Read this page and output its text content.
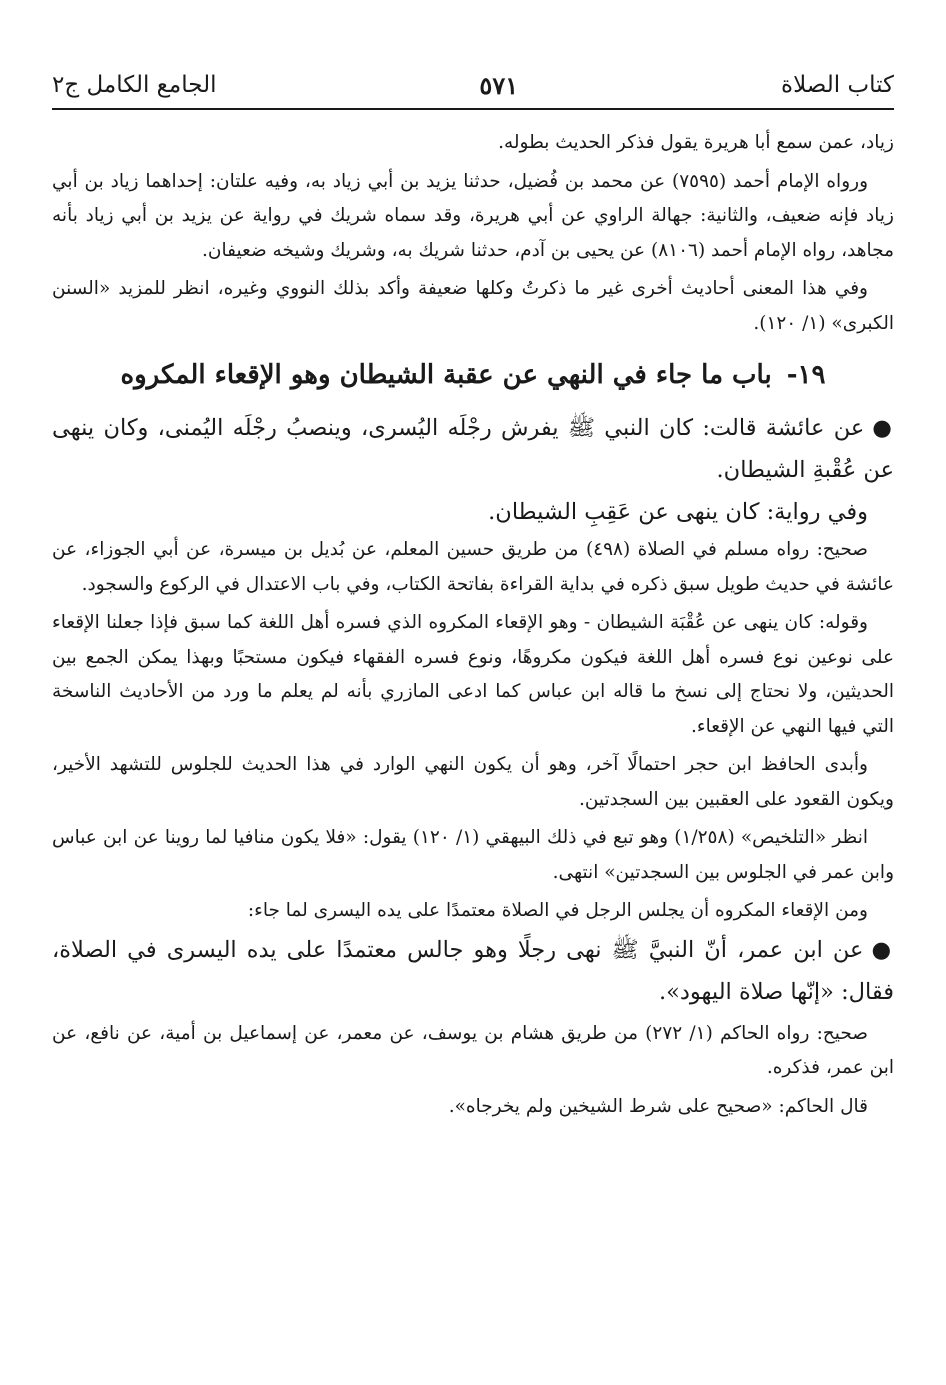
كتاب الصلاة
٥٧١
الجامع الكامل ج٢

زياد، عمن سمع أبا هريرة يقول فذكر الحديث بطوله.

ورواه الإمام أحمد (٧٥٩٥) عن محمد بن فُضيل، حدثنا يزيد بن أبي زياد به، وفيه علتان: إحداهما زياد بن أبي زياد فإنه ضعيف، والثانية: جهالة الراوي عن أبي هريرة، وقد سماه شريك في رواية عن يزيد بن أبي زياد بأنه مجاهد، رواه الإمام أحمد (٨١٠٦) عن يحيى بن آدم، حدثنا شريك به، وشريك وشيخه ضعيفان.

وفي هذا المعنى أحاديث أخرى غير ما ذكرتُ وكلها ضعيفة وأكد بذلك النووي وغيره، انظر للمزيد «السنن الكبرى» (١/ ١٢٠).

١٩- باب ما جاء في النهي عن عقبة الشيطان وهو الإقعاء المكروه

●عن عائشة قالت: كان النبي ﷺ يفرش رجْلَه اليُسرى، وينصبُ رجْلَه اليُمنى، وكان ينهى عن عُقْبةِ الشيطان.

وفي رواية: كان ينهى عن عَقِبِ الشيطان.

صحيح: رواه مسلم في الصلاة (٤٩٨) من طريق حسين المعلم، عن بُديل بن ميسرة، عن أبي الجوزاء، عن عائشة في حديث طويل سبق ذكره في بداية القراءة بفاتحة الكتاب، وفي باب الاعتدال في الركوع والسجود.

وقوله: كان ينهى عن عُقْبَة الشيطان - وهو الإقعاء المكروه الذي فسره أهل اللغة كما سبق فإذا جعلنا الإقعاء على نوعين نوع فسره أهل اللغة فيكون مكروهًا، ونوع فسره الفقهاء فيكون مستحبًا وبهذا يمكن الجمع بين الحديثين، ولا نحتاج إلى نسخ ما قاله ابن عباس كما ادعى المازري بأنه لم يعلم ما ورد من الأحاديث الناسخة التي فيها النهي عن الإقعاء.

وأبدى الحافظ ابن حجر احتمالًا آخر، وهو أن يكون النهي الوارد في هذا الحديث للجلوس للتشهد الأخير، ويكون القعود على العقبين بين السجدتين.

انظر «التلخيص» (١/٢٥٨) وهو تبع في ذلك البيهقي (١/ ١٢٠) يقول: «فلا يكون منافيا لما روينا عن ابن عباس وابن عمر في الجلوس بين السجدتين» انتهى.

ومن الإقعاء المكروه أن يجلس الرجل في الصلاة معتمدًا على يده اليسرى لما جاء:

●عن ابن عمر، أنّ النبيَّ ﷺ نهى رجلًا وهو جالس معتمدًا على يده اليسرى في الصلاة، فقال: «إنّها صلاة اليهود».

صحيح: رواه الحاكم (١/ ٢٧٢) من طريق هشام بن يوسف، عن معمر، عن إسماعيل بن أمية، عن نافع، عن ابن عمر، فذكره.

قال الحاكم: «صحيح على شرط الشيخين ولم يخرجاه».
